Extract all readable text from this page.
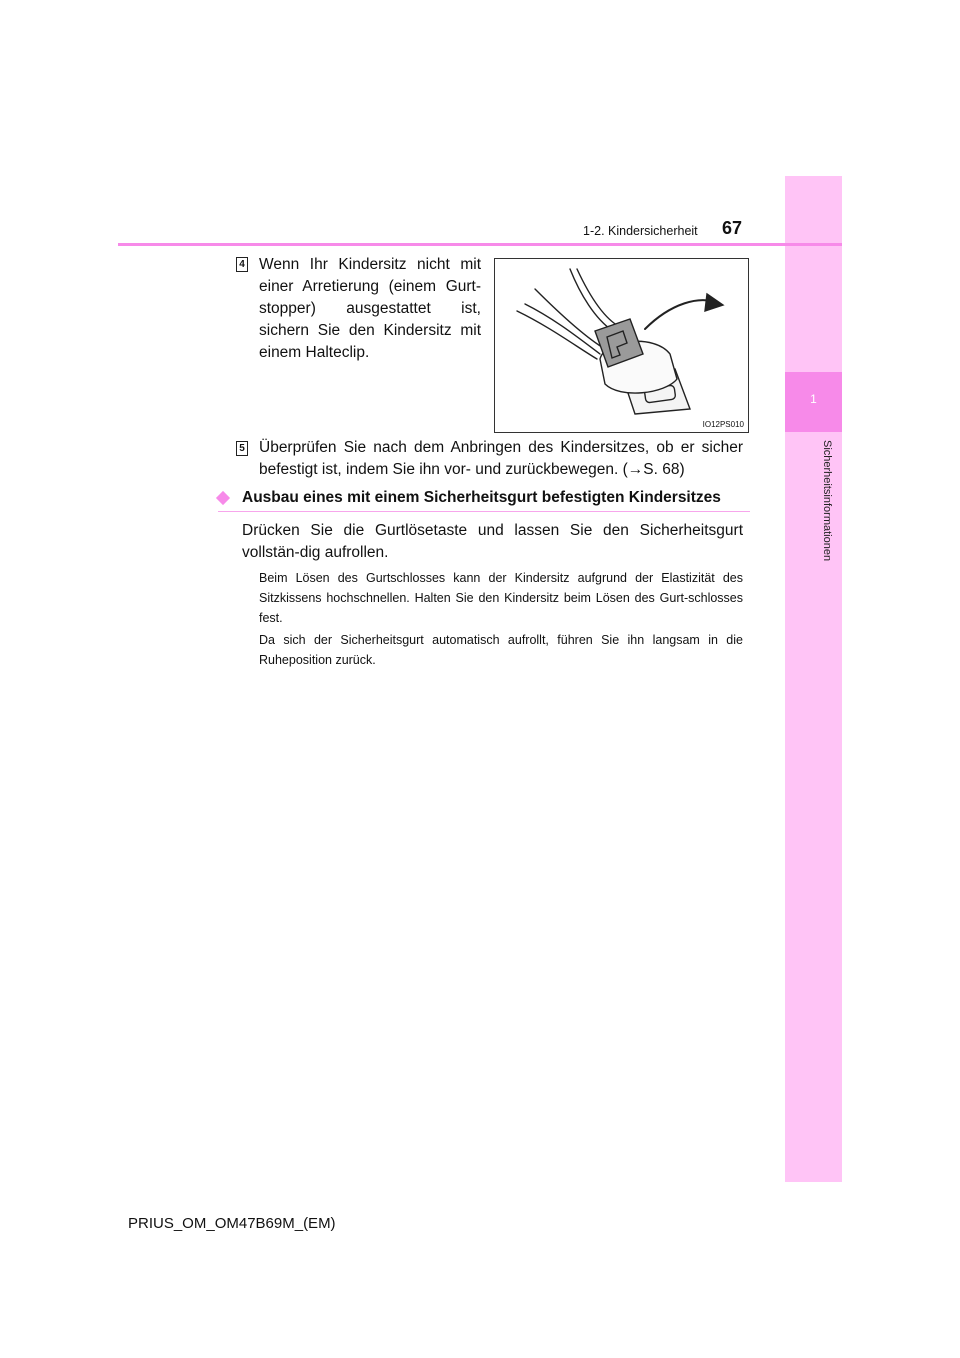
1
Sicherheitsinformationen
1-2. Kindersicherheit 67
4 Wenn Ihr Kindersitz nicht mit einer Arretierung (einem Gurt-stopper) ausgestattet ist, sichern Sie den Kindersitz mit einem Halteclip.
IO12PS010
5 Überprüfen Sie nach dem Anbringen des Kindersitzes, ob er sicher befestigt ist, indem Sie ihn vor- und zurückbewegen. (→S. 68)
Ausbau eines mit einem Sicherheitsgurt befestigten Kindersitzes
Drücken Sie die Gurtlösetaste und lassen Sie den Sicherheitsgurt vollstän-dig aufrollen.
Beim Lösen des Gurtschlosses kann der Kindersitz aufgrund der Elastizität des Sitzkissens hochschnellen. Halten Sie den Kindersitz beim Lösen des Gurt-schlosses fest.
Da sich der Sicherheitsgurt automatisch aufrollt, führen Sie ihn langsam in die Ruheposition zurück.
PRIUS_OM_OM47B69M_(EM)
